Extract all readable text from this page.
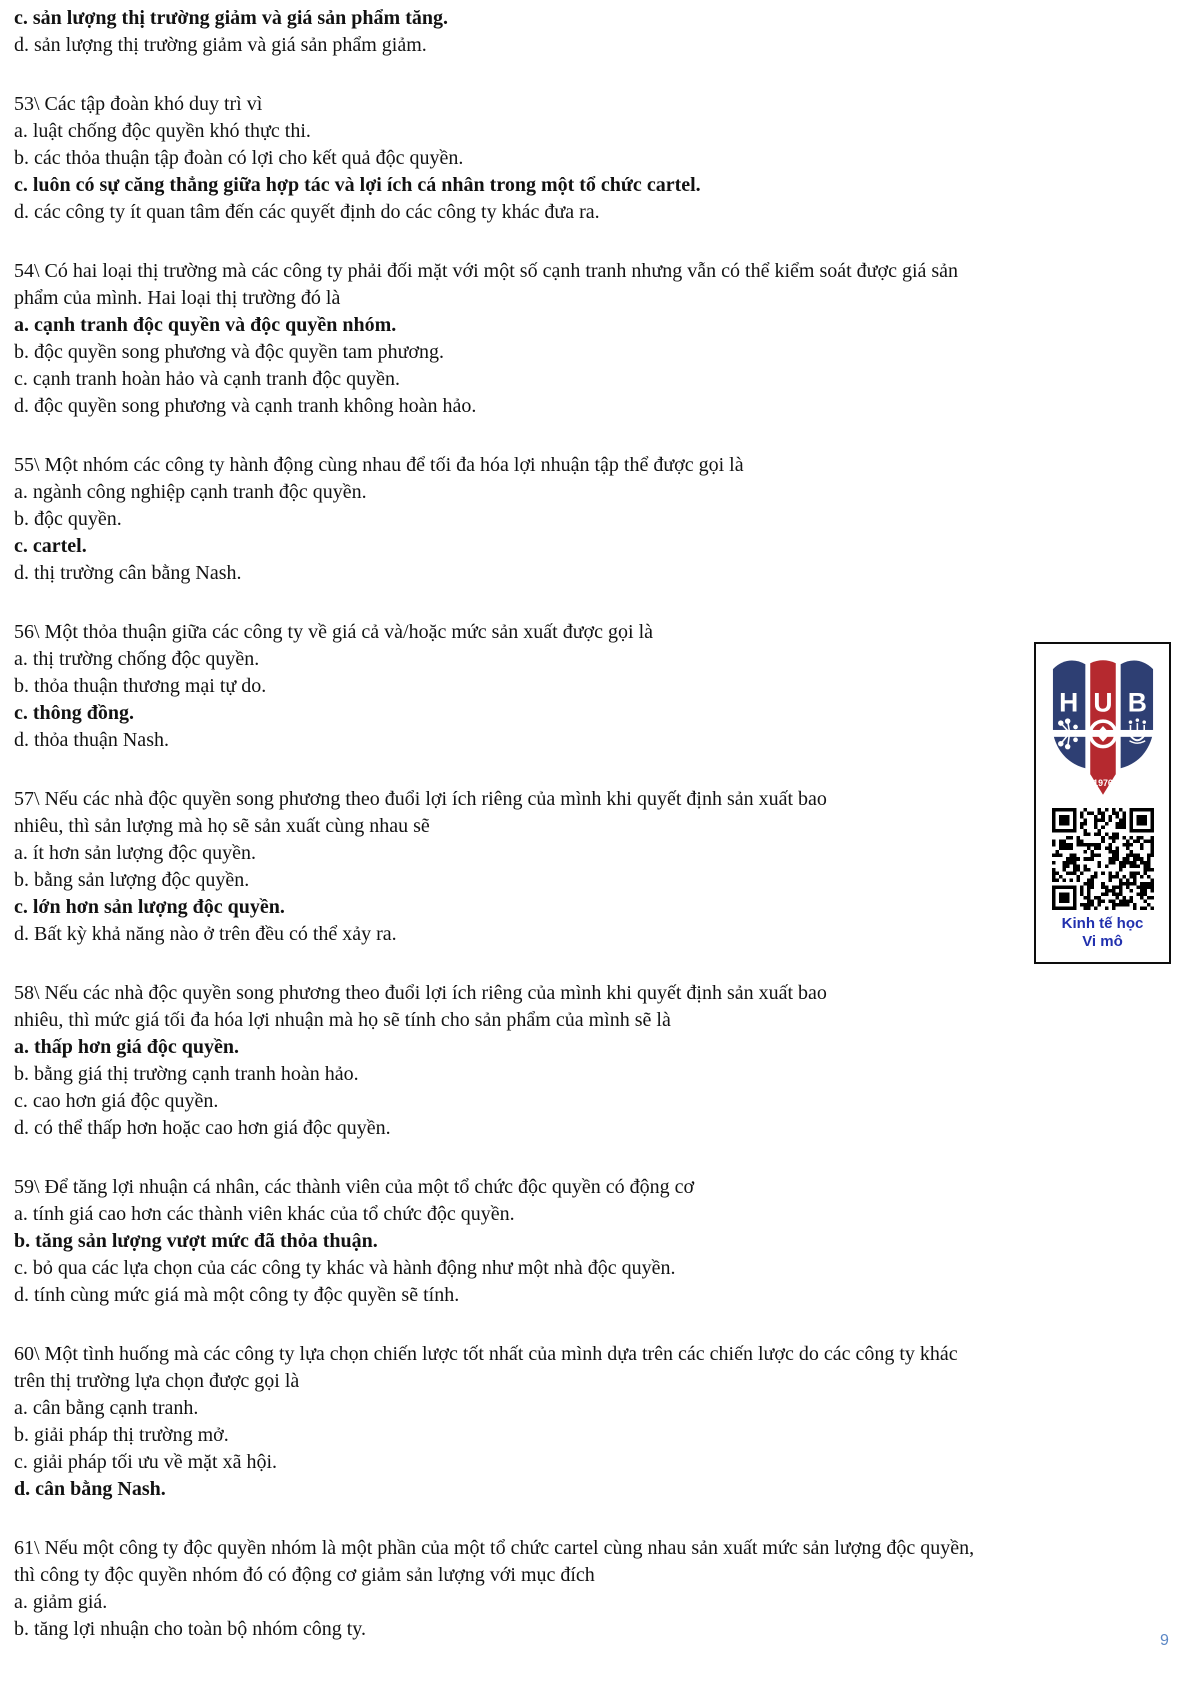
c. sản lượng thị trường giảm và giá sản phẩm tăng.
d. sản lượng thị trường giảm và giá sản phẩm giảm.
53\ Các tập đoàn khó duy trì vì
a. luật chống độc quyền khó thực thi.
b. các thỏa thuận tập đoàn có lợi cho kết quả độc quyền.
c. luôn có sự căng thẳng giữa hợp tác và lợi ích cá nhân trong một tổ chức cartel.
d. các công ty ít quan tâm đến các quyết định do các công ty khác đưa ra.
54\ Có hai loại thị trường mà các công ty phải đối mặt với một số cạnh tranh nhưng vẫn có thể kiểm soát được giá sản
phẩm của mình. Hai loại thị trường đó là
a. cạnh tranh độc quyền và độc quyền nhóm.
b. độc quyền song phương và độc quyền tam phương.
c. cạnh tranh hoàn hảo và cạnh tranh độc quyền.
d. độc quyền song phương và cạnh tranh không hoàn hảo.
55\ Một nhóm các công ty hành động cùng nhau để tối đa hóa lợi nhuận tập thể được gọi là
a. ngành công nghiệp cạnh tranh độc quyền.
b. độc quyền.
c. cartel.
d. thị trường cân bằng Nash.
56\ Một thỏa thuận giữa các công ty về giá cả và/hoặc mức sản xuất được gọi là
a. thị trường chống độc quyền.
b. thỏa thuận thương mại tự do.
c. thông đồng.
d. thỏa thuận Nash.
57\ Nếu các nhà độc quyền song phương theo đuổi lợi ích riêng của mình khi quyết định sản xuất bao
nhiêu, thì sản lượng mà họ sẽ sản xuất cùng nhau sẽ
a. ít hơn sản lượng độc quyền.
b. bằng sản lượng độc quyền.
c. lớn hơn sản lượng độc quyền.
d. Bất kỳ khả năng nào ở trên đều có thể xảy ra.
58\ Nếu các nhà độc quyền song phương theo đuổi lợi ích riêng của mình khi quyết định sản xuất bao
nhiêu, thì mức giá tối đa hóa lợi nhuận mà họ sẽ tính cho sản phẩm của mình sẽ là
a. thấp hơn giá độc quyền.
b. bằng giá thị trường cạnh tranh hoàn hảo.
c. cao hơn giá độc quyền.
d. có thể thấp hơn hoặc cao hơn giá độc quyền.
59\ Để tăng lợi nhuận cá nhân, các thành viên của một tổ chức độc quyền có động cơ
a. tính giá cao hơn các thành viên khác của tổ chức độc quyền.
b. tăng sản lượng vượt mức đã thỏa thuận.
c. bỏ qua các lựa chọn của các công ty khác và hành động như một nhà độc quyền.
d. tính cùng mức giá mà một công ty độc quyền sẽ tính.
60\ Một tình huống mà các công ty lựa chọn chiến lược tốt nhất của mình dựa trên các chiến lược do các công ty khác
trên thị trường lựa chọn được gọi là
a. cân bằng cạnh tranh.
b. giải pháp thị trường mở.
c. giải pháp tối ưu về mặt xã hội.
d. cân bằng Nash.
61\ Nếu một công ty độc quyền nhóm là một phần của một tổ chức cartel cùng nhau sản xuất mức sản lượng độc quyền,
thì công ty độc quyền nhóm đó có động cơ giảm sản lượng với mục đích
a. giảm giá.
b. tăng lợi nhuận cho toàn bộ nhóm công ty.
H U B
1976
Kinh tế học
Vi mô
9
